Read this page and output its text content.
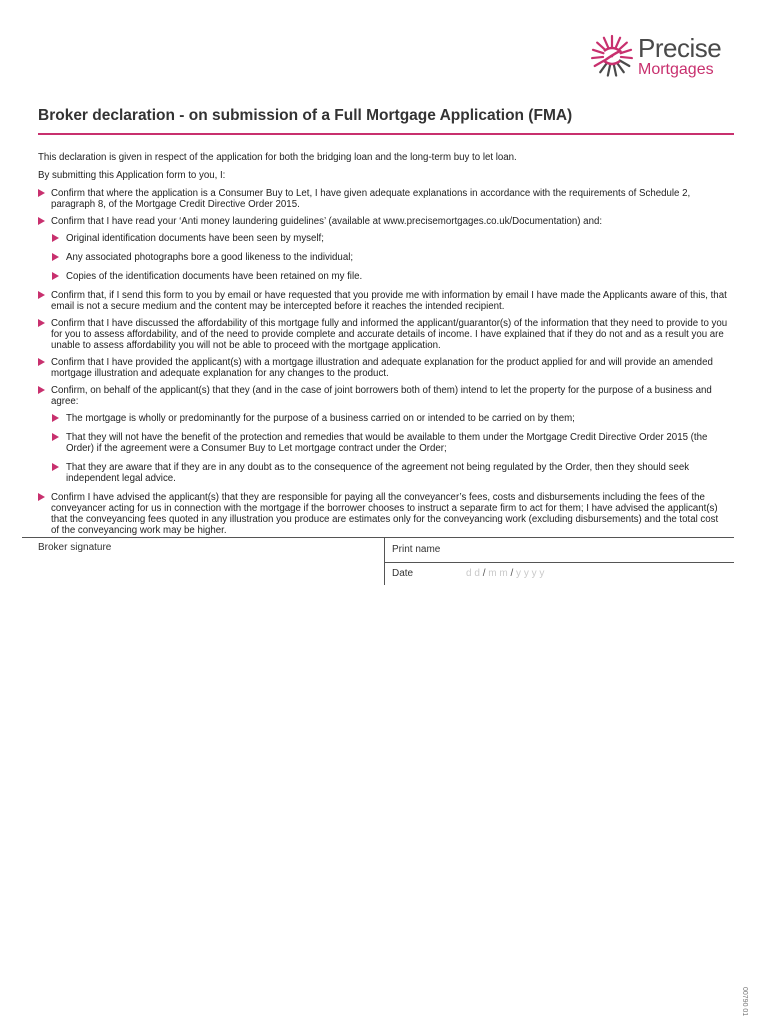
Precise
Mortgages
Broker declaration - on submission of a Full Mortgage Application (FMA)

This declaration is given in respect of the application for both the bridging loan and the long-term buy to let loan.

By submitting this Application form to you, I:

Confirm that where the application is a Consumer Buy to Let, I have given adequate explanations in accordance with the requirements of Schedule 2, paragraph 8, of the Mortgage Credit Directive Order 2015.
Confirm that I have read your ‘Anti money laundering guidelines’ (available at www.precisemortgages.co.uk/Documentation) and:
Original identification documents have been seen by myself;
Any associated photographs bore a good likeness to the individual;
Copies of the identification documents have been retained on my file.
Confirm that, if I send this form to you by email or have requested that you provide me with information by email I have made the Applicants aware of this, that email is not a secure medium and the content may be intercepted before it reaches the intended recipient.
Confirm that I have discussed the affordability of this mortgage fully and informed the applicant/guarantor(s) of the information that they need to provide to you for you to assess affordability, and of the need to provide complete and accurate details of income. I have explained that if they do not and as a result you are unable to assess affordability you will not be able to proceed with the mortgage application.
Confirm that I have provided the applicant(s) with a mortgage illustration and adequate explanation for the product applied for and will provide an amended mortgage illustration and adequate explanation for any changes to the product.
Confirm, on behalf of the applicant(s) that they (and in the case of joint borrowers both of them) intend to let the property for the purpose of a business and agree:
The mortgage is wholly or predominantly for the purpose of a business carried on or intended to be carried on by them;
That they will not have the benefit of the protection and remedies that would be available to them under the Mortgage Credit Directive Order 2015 (the Order) if the agreement were a Consumer Buy to Let mortgage contract under the Order;
That they are aware that if they are in any doubt as to the consequence of the agreement not being regulated by the Order, then they should seek independent legal advice.
Confirm I have advised the applicant(s) that they are responsible for paying all the conveyancer’s fees, costs and disbursements including the fees of the conveyancer acting for us in connection with the mortgage if the borrower chooses to instruct a separate firm to act for them; I have advised the applicant(s) that the conveyancing fees quoted in any illustration you produce are estimates only for the conveyancing work (excluding disbursements) and the total cost of the conveyancing work may be higher.
Broker signature	Print name
Date	d d / m m / y y y y
00790 01
